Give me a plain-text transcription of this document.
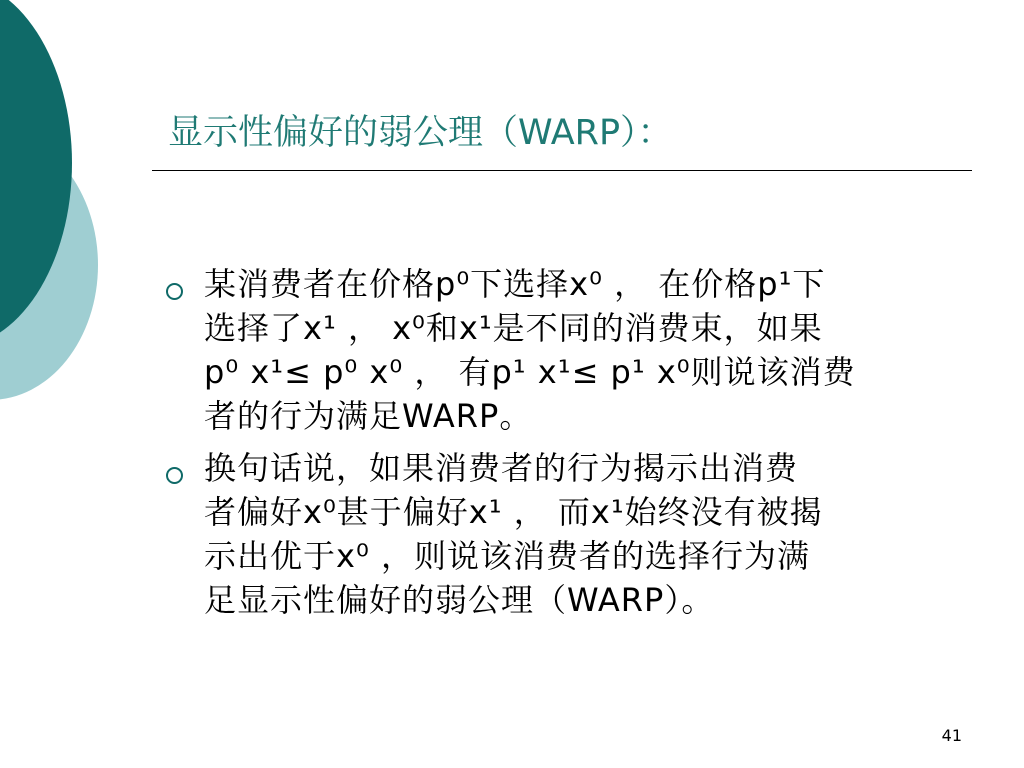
显示性偏好的弱公理（WARP）：
某消费者在价格p⁰下选择x⁰ ， 在价格p¹下
选择了x¹ ， x⁰和x¹是不同的消费束，如果
p⁰ x¹≤ p⁰ x⁰ ， 有p¹ x¹≤ p¹ x⁰则说该消费
者的行为满足WARP。
换句话说，如果消费者的行为揭示出消费
者偏好x⁰甚于偏好x¹ ， 而x¹始终没有被揭
示出优于x⁰ ，则说该消费者的选择行为满
足显示性偏好的弱公理（WARP）。
41
